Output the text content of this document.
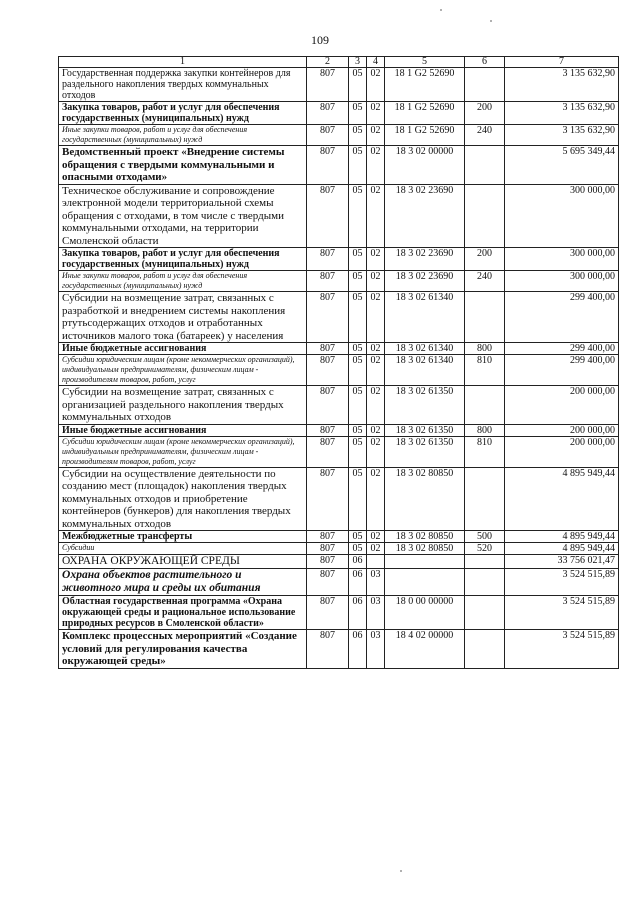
109
1	2	3	4	5	6	7
Государственная поддержка закупки контейнеров для раздельного накопления твердых коммунальных отходов	807	05	02	18 1 G2 52690		3 135 632,90
Закупка товаров, работ и услуг для обеспечения государственных (муниципальных) нужд	807	05	02	18 1 G2 52690	200	3 135 632,90
Иные закупки товаров, работ и услуг для обеспечения государственных (муниципальных) нужд	807	05	02	18 1 G2 52690	240	3 135 632,90
Ведомственный проект «Внедрение системы обращения с твердыми коммунальными и опасными отходами»	807	05	02	18 3 02 00000		5 695 349,44
Техническое обслуживание и сопровождение электронной модели территориальной схемы обращения с отходами, в том числе с твердыми коммунальными отходами, на территории Смоленской области	807	05	02	18 3 02 23690		300 000,00
Закупка товаров, работ и услуг для обеспечения государственных (муниципальных) нужд	807	05	02	18 3 02 23690	200	300 000,00
Иные закупки товаров, работ и услуг для обеспечения государственных (муниципальных) нужд	807	05	02	18 3 02 23690	240	300 000,00
Субсидии на возмещение затрат, связанных с разработкой и внедрением системы накопления ртутьсодержащих отходов и отработанных источников малого тока (батареек) у населения	807	05	02	18 3 02 61340		299 400,00
Иные бюджетные ассигнования	807	05	02	18 3 02 61340	800	299 400,00
Субсидии юридическим лицам (кроме некоммерческих организаций), индивидуальным предпринимателям, физическим лицам - производителям товаров, работ, услуг	807	05	02	18 3 02 61340	810	299 400,00
Субсидии на возмещение затрат, связанных с организацией раздельного накопления твердых коммунальных отходов	807	05	02	18 3 02 61350		200 000,00
Иные бюджетные ассигнования	807	05	02	18 3 02 61350	800	200 000,00
Субсидии юридическим лицам (кроме некоммерческих организаций), индивидуальным предпринимателям, физическим лицам - производителям товаров, работ, услуг	807	05	02	18 3 02 61350	810	200 000,00
Субсидии на осуществление деятельности по созданию мест (площадок) накопления твердых коммунальных отходов и приобретение контейнеров (бункеров) для накопления твердых коммунальных отходов	807	05	02	18 3 02 80850		4 895 949,44
Межбюджетные трансферты	807	05	02	18 3 02 80850	500	4 895 949,44
Субсидии	807	05	02	18 3 02 80850	520	4 895 949,44
ОХРАНА ОКРУЖАЮЩЕЙ СРЕДЫ	807	06				33 756 021,47
Охрана объектов растительного и животного мира и среды их обитания	807	06	03			3 524 515,89
Областная государственная программа «Охрана окружающей среды и рациональное использование природных ресурсов в Смоленской области»	807	06	03	18 0 00 00000		3 524 515,89
Комплекс процессных мероприятий «Создание условий для регулирования качества окружающей среды»	807	06	03	18 4 02 00000		3 524 515,89
